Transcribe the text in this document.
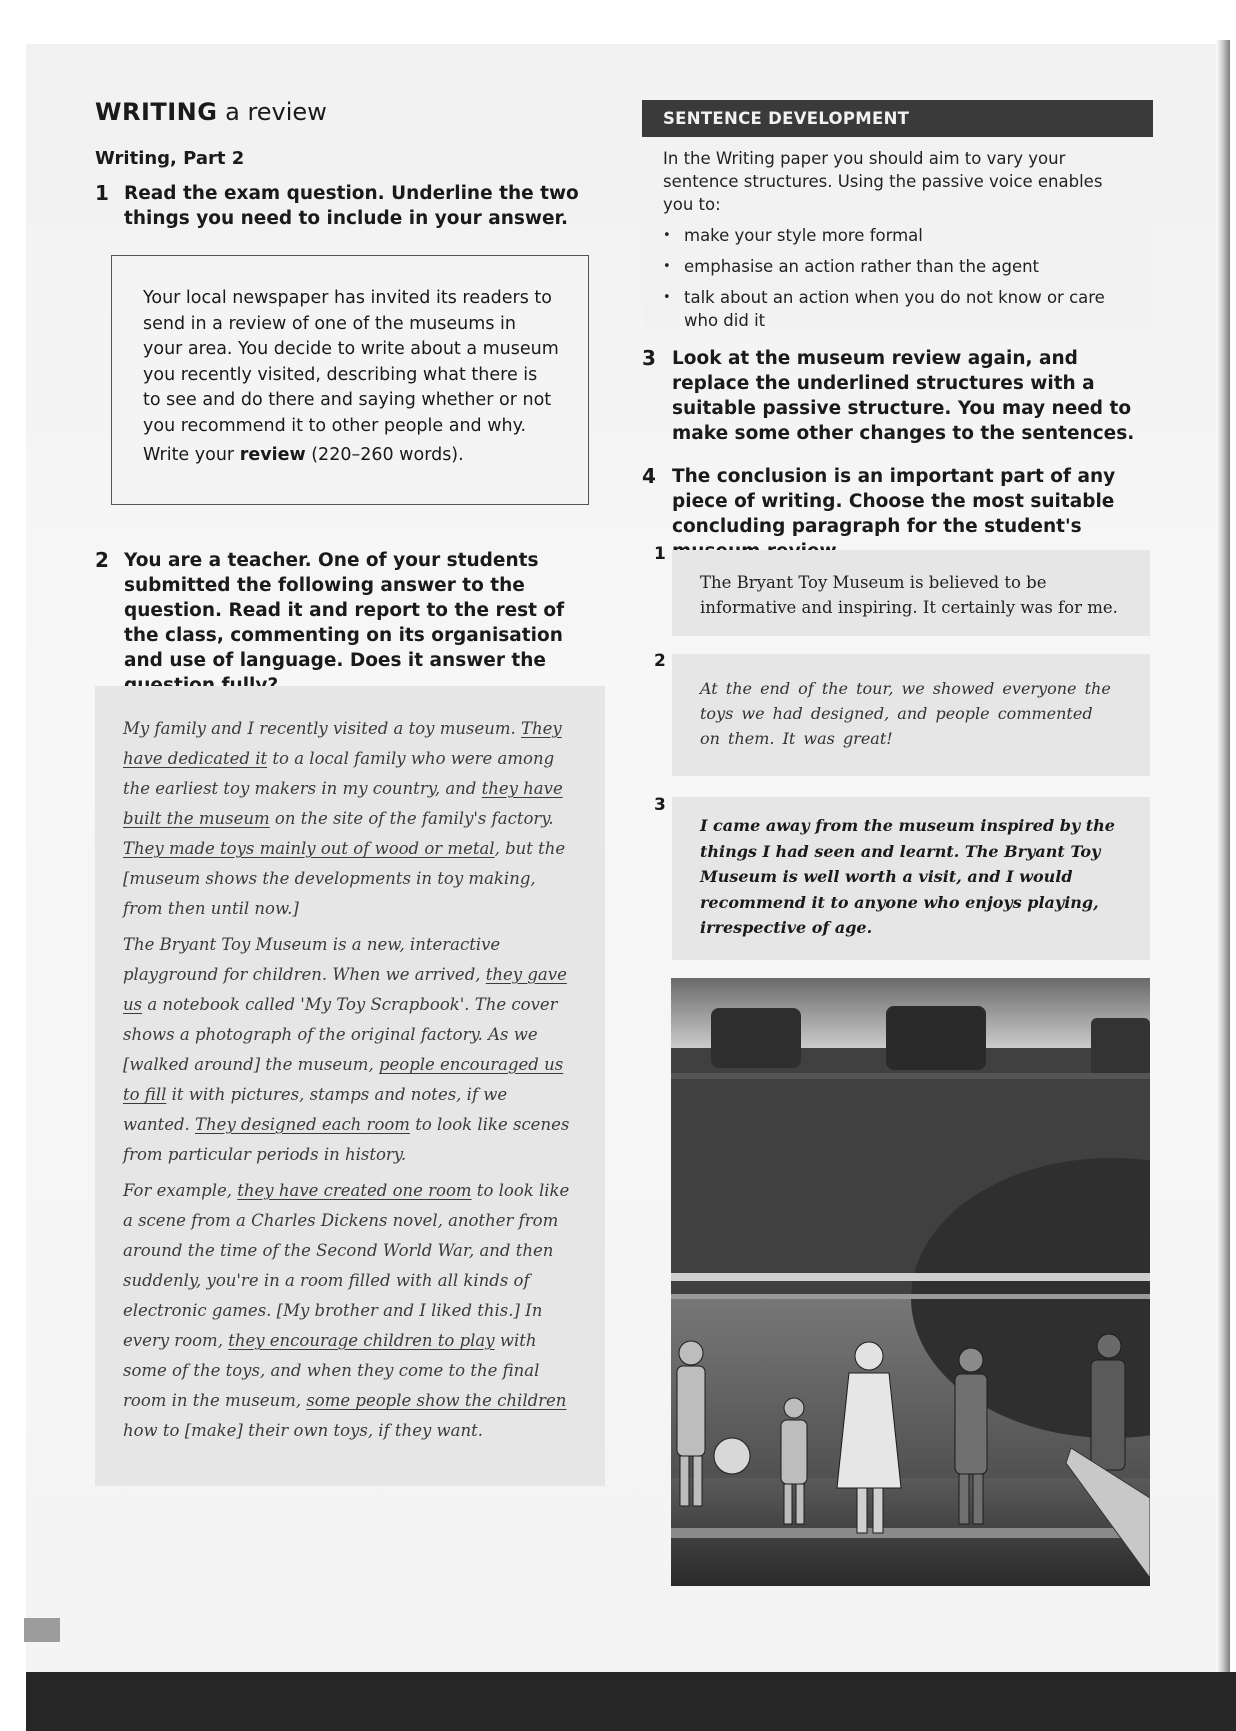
WRITING a review
Writing, Part 2
1 Read the exam question. Underline the two things you need to include in your answer.

Your local newspaper has invited its readers to send in a review of one of the museums in your area. You decide to write about a museum you recently visited, describing what there is to see and do there and saying whether or not you recommend it to other people and why.

Write your review (220–260 words).

2 You are a teacher. One of your students submitted the following answer to the question. Read it and report to the rest of the class, commenting on its organisation and use of language. Does it answer the

My family and I recently visited a toy museum. They have dedicated it to a local family who were among the earliest toy makers in my country, and they have built the museum on the site of the family's factory. They made toys mainly out of wood or metal, but the [museum shows the developments in toy making, from then until now.]

The Bryant Toy Museum is a new, interactive playground for children. When we arrived, they gave us a notebook called 'My Toy Scrapbook'. The cover shows a photograph of the original factory. As we [walked around] the museum, people encouraged us to fill it with pictures, stamps and notes, if we wanted. They designed each room to look like scenes from particular periods in history.

For example, they have created one room to look like a scene from a Charles Dickens novel, another from around the time of the Second World War, and then suddenly, you're in a room filled with all kinds of electronic games. [My brother and I liked this.] In every room, they encourage children to play with some of the toys, and when they come to the final room in the museum, some people show the children how to [make] their own toys, if they want.

SENTENCE DEVELOPMENT

In the Writing paper you should aim to vary your sentence structures. Using the passive voice enables you to:

• make your style more formal
• emphasise an action rather than the agent
• talk about an action when you do not know or care who did it
3 Look at the museum review again, and replace the underlined structures with a suitable passive structure. You may need to make some other changes to the sentences.
4 The conclusion is an important part of any piece of writing. Choose the most suitable concluding paragraph for the student's
1
The Bryant Toy Museum is believed to be informative and inspiring. It certainly was for me.
2
At the end of the tour, we showed everyone the toys we had designed, and people commented on them. It was great!
3
I came away from the museum inspired by the things I had seen and learnt. The Bryant Toy Museum is well worth a visit, and I would recommend it to anyone who enjoys playing, irrespective of age.
